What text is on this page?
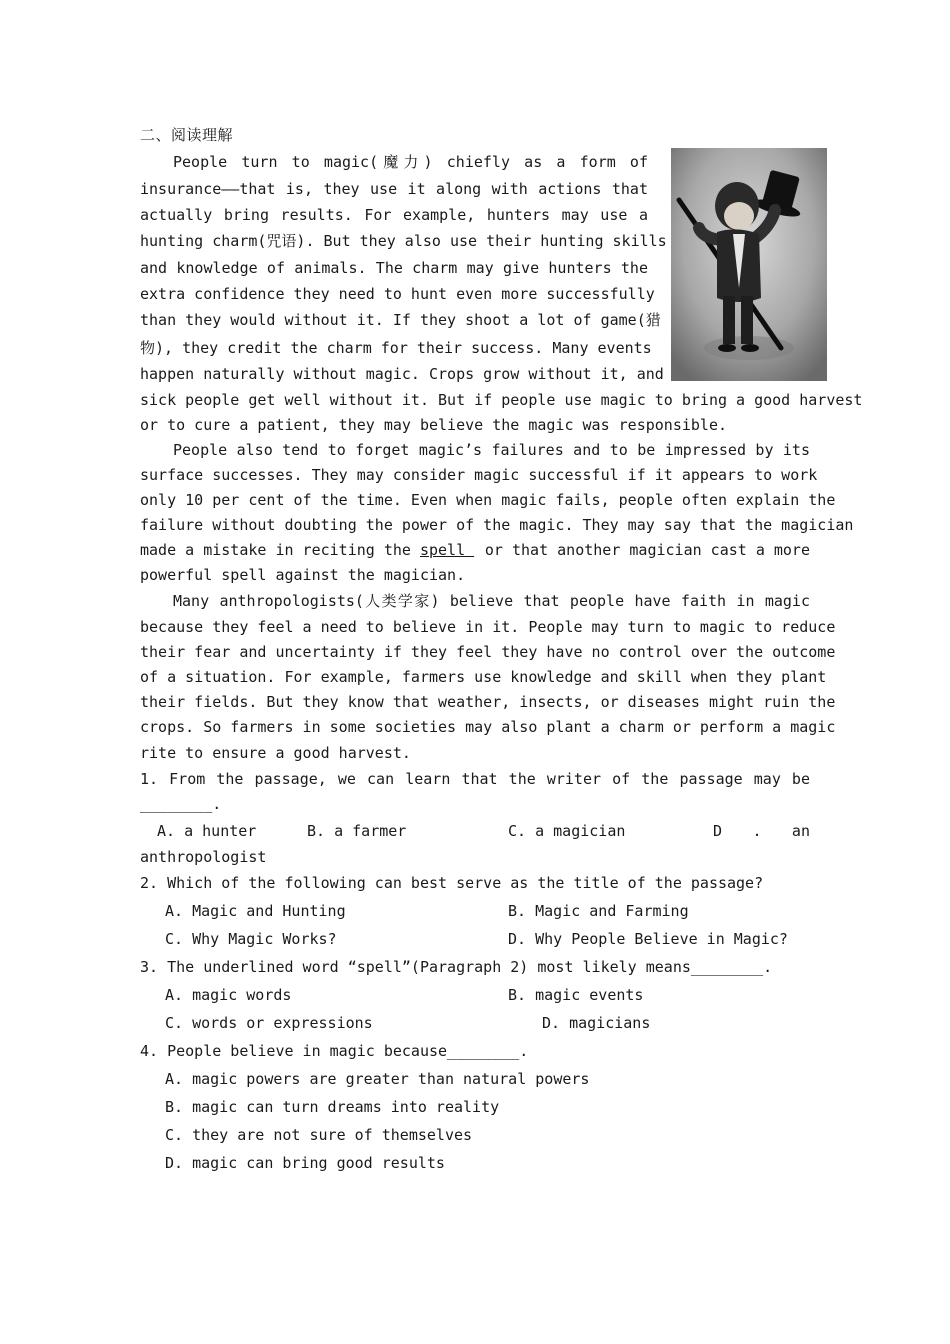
二、阅读理解
People turn to magic(魔力) chiefly as a form of
insurance——that is, they use it along with actions that
actually bring results. For example, hunters may use a
hunting charm(咒语). But they also use their hunting skills
and knowledge of animals. The charm may give hunters the
extra confidence they need to hunt even more successfully
than they would without it. If they shoot a lot of game(猎
物), they credit the charm for their success. Many events
happen naturally without magic. Crops grow without it, and
sick people get well without it. But if people use magic to bring a good harvest
or to cure a patient, they may believe the magic was responsible.
People also tend to forget magic’s failures and to be impressed by its
surface successes. They may consider magic successful if it appears to work
only 10 per cent of the time. Even when magic fails, people often explain the
failure without doubting the power of the magic. They may say that the magician
made a mistake in reciting the spell or that another magician cast a more
powerful spell against the magician.
Many anthropologists(人类学家) believe that people have faith in magic
because they feel a need to believe in it. People may turn to magic to reduce
their fear and uncertainty if they feel they have no control over the outcome
of a situation. For example, farmers use knowledge and skill when they plant
their fields. But they know that weather, insects, or diseases might ruin the
crops. So farmers in some societies may also plant a charm or perform a magic
rite to ensure a good harvest.
1. From the passage, we can learn that the writer of the passage may be
________.
A. a hunter	B. a farmer	C. a magician	D . an
anthropologist
2. Which of the following can best serve as the title of the passage?
A. Magic and Hunting	B. Magic and Farming
C. Why Magic Works?	D. Why People Believe in Magic?
3. The underlined word “spell”(Paragraph 2) most likely means________.
A. magic words	B. magic events
C. words or expressions	D. magicians
4. People believe in magic because________.
A. magic powers are greater than natural powers
B. magic can turn dreams into reality
C. they are not sure of themselves
D. magic can bring good results
